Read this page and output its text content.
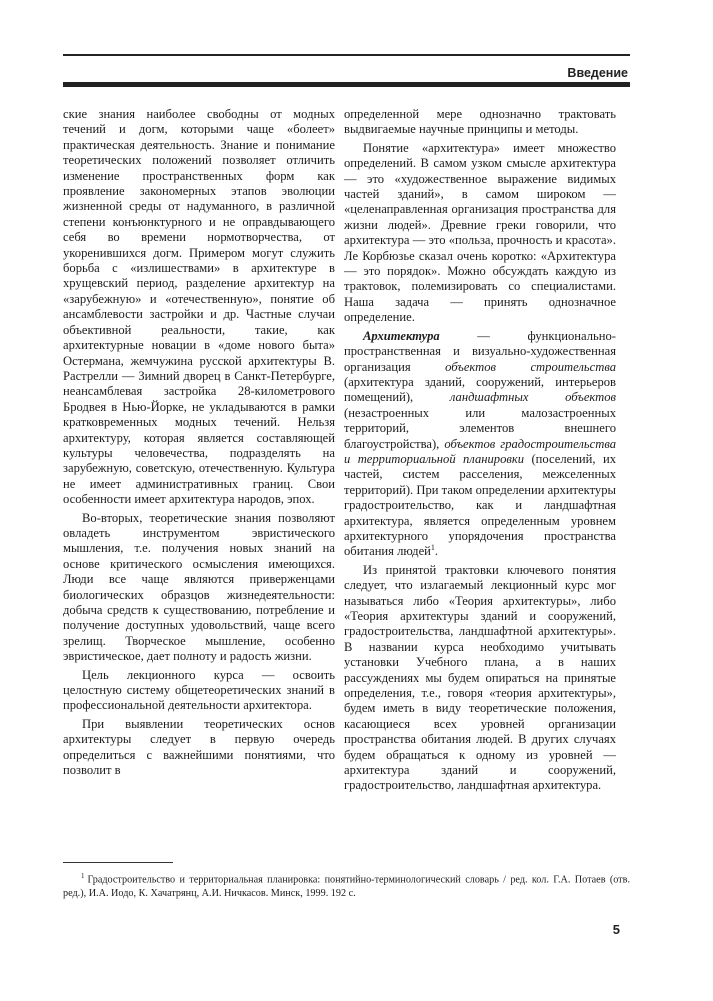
Введение

ские знания наиболее свободны от модных течений и догм, которыми чаще «болеет» практическая деятельность. Знание и понимание теоретических положений позволяет отличить изменение пространственных форм как проявление закономерных этапов эволюции жизненной среды от надуманного, в различной степени конъюнктурного и не оправдывающего себя во времени нормотворчества, от укоренившихся догм. Примером могут служить борьба с «излишествами» в архитектуре в хрущевский период, разделение архитектур на «зарубежную» и «отечественную», понятие об ансамблевости застройки и др. Частные случаи объективной реальности, такие, как архитектурные новации в «доме нового быта» Остермана, жемчужина русской архитектуры В. Растрелли — Зимний дворец в Санкт-Петербурге, неансамблевая застройка 28-километрового Бродвея в Нью-Йорке, не укладываются в рамки кратковременных модных течений. Нельзя архитектуру, которая является составляющей культуры человечества, подразделять на зарубежную, советскую, отечественную. Культура не имеет административных границ. Свои особенности имеет архитектура народов, эпох.

Во-вторых, теоретические знания позволяют овладеть инструментом эвристического мышления, т.е. получения новых знаний на основе критического осмысления имеющихся. Люди все чаще являются приверженцами биологических образцов жизнедеятельности: добыча средств к существованию, потребление и получение доступных удовольствий, чаще всего зрелищ. Творческое мышление, особенно эвристическое, дает полноту и радость жизни.

Цель лекционного курса — освоить целостную систему общетеоретических знаний в профессиональной деятельности архитектора.

При выявлении теоретических основ архитектуры следует в первую очередь определиться с важнейшими понятиями, что позволит в

определенной мере однозначно трактовать выдвигаемые научные принципы и методы.

Понятие «архитектура» имеет множество определений. В самом узком смысле архитектура — это «художественное выражение видимых частей зданий», в самом широком — «целенаправленная организация пространства для жизни людей». Древние греки говорили, что архитектура — это «польза, прочность и красота». Ле Корбюзье сказал очень коротко: «Архитектура — это порядок». Можно обсуждать каждую из трактовок, полемизировать со специалистами. Наша задача — принять однозначное определение.

Архитектура — функционально-пространственная и визуально-художественная организация объектов строительства (архитектура зданий, сооружений, интерьеров помещений), ландшафтных объектов (незастроенных или малозастроенных территорий, элементов внешнего благоустройства), объектов градостроительства и территориальной планировки (поселений, их частей, систем расселения, межселенных территорий). При таком определении архитектуры градостроительство, как и ландшафтная архитектура, является определенным уровнем архитектурного упорядочения пространства обитания людей$^1$.

Из принятой трактовки ключевого понятия следует, что излагаемый лекционный курс мог называться либо «Теория архитектуры», либо «Теория архитектуры зданий и сооружений, градостроительства, ландшафтной архитектуры». В названии курса необходимо учитывать установки Учебного плана, а в наших рассуждениях мы будем опираться на принятые определения, т.е., говоря «теория архитектуры», будем иметь в виду теоретические положения, касающиеся всех уровней организации пространства обитания людей. В других случаях будем обращаться к одному из уровней — архитектура зданий и сооружений, градостроительство, ландшафтная архитектура.

$^1$ Градостроительство и территориальная планировка: понятийно-терминологический словарь / ред. кол. Г.А. Потаев (отв. ред.), И.А. Иодо, К. Хачатрянц, А.И. Ничкасов. Минск, 1999. 192 с.
5
